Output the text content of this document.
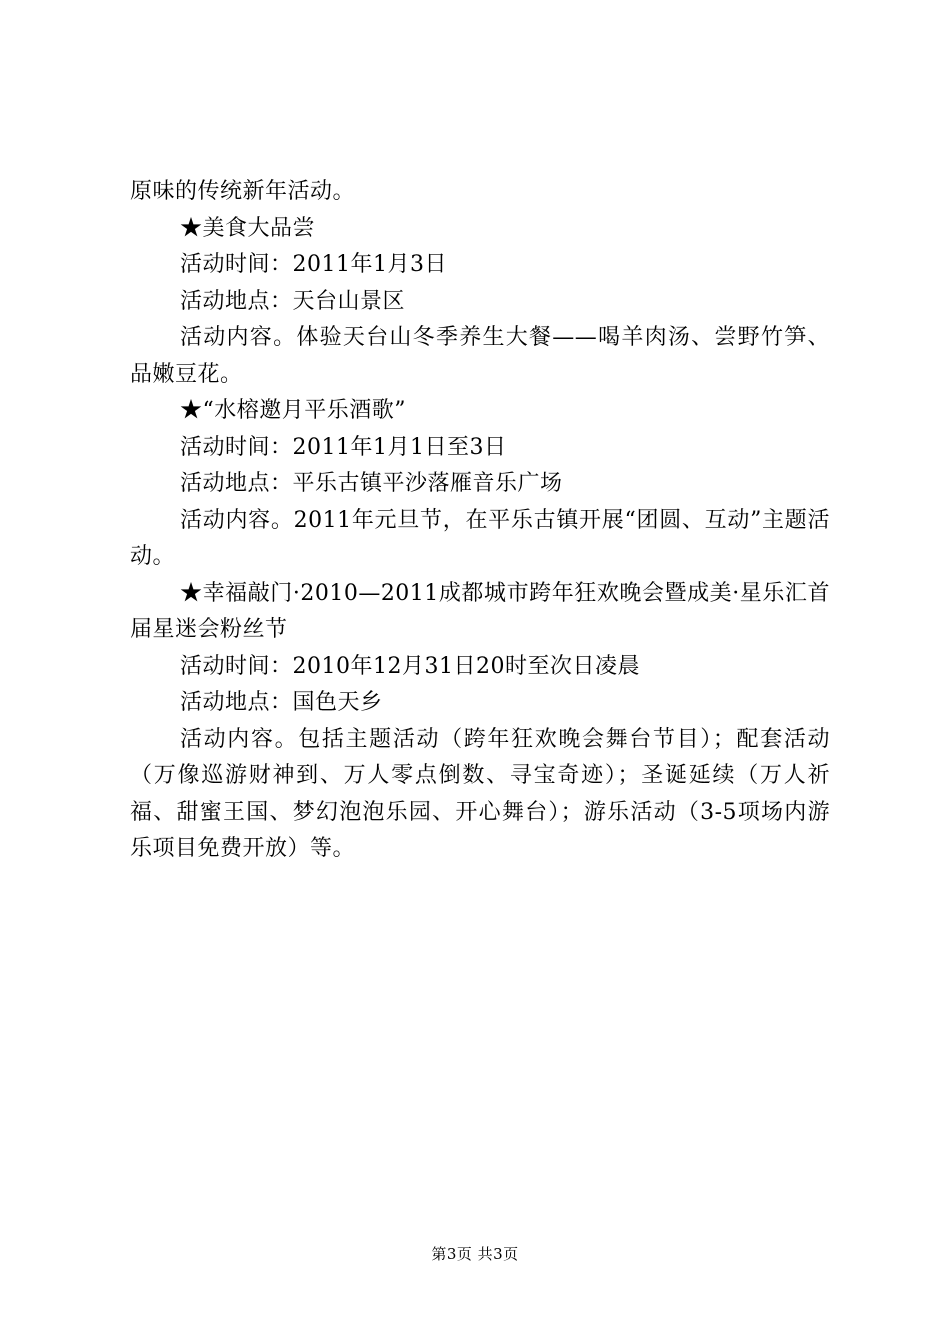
原味的传统新年活动。

★美食大品尝

活动时间：2011年1月3日

活动地点：天台山景区

活动内容。体验天台山冬季养生大餐——喝羊肉汤、尝野竹笋、品嫩豆花。

★“水榕邀月平乐酒歌”

活动时间：2011年1月1日至3日

活动地点：平乐古镇平沙落雁音乐广场

活动内容。2011年元旦节，在平乐古镇开展“团圆、互动”主题活动。

★幸福敲门·2010—2011成都城市跨年狂欢晚会暨成美·星乐汇首届星迷会粉丝节

活动时间：2010年12月31日20时至次日凌晨

活动地点：国色天乡

活动内容。包括主题活动（跨年狂欢晚会舞台节目）；配套活动（万像巡游财神到、万人零点倒数、寻宝奇迹）；圣诞延续（万人祈福、甜蜜王国、梦幻泡泡乐园、开心舞台）；游乐活动（3-5项场内游乐项目免费开放）等。

第3页 共3页
